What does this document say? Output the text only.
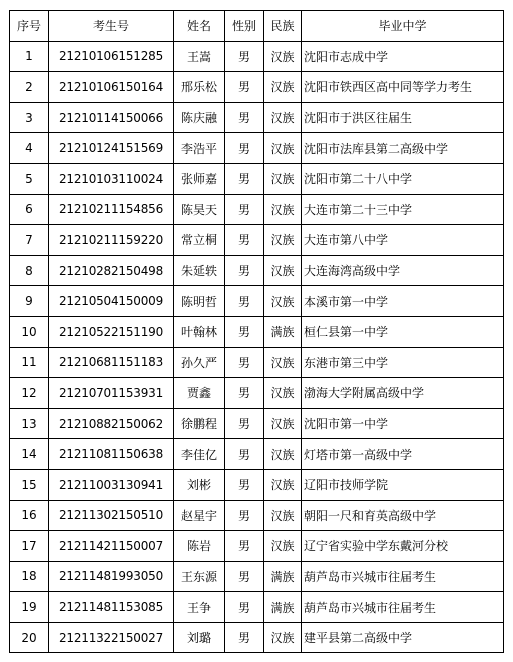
序号	考生号	姓名	性别	民族	毕业中学
1	21210106151285	王嵩	男	汉族	沈阳市志成中学
2	21210106150164	邢乐松	男	汉族	沈阳市铁西区高中同等学力考生
3	21210114150066	陈庆融	男	汉族	沈阳市于洪区往届生
4	21210124151569	李浩平	男	汉族	沈阳市法库县第二高级中学
5	21210103110024	张师嘉	男	汉族	沈阳市第二十八中学
6	21210211154856	陈昊天	男	汉族	大连市第二十三中学
7	21210211159220	常立桐	男	汉族	大连市第八中学
8	21210282150498	朱延轶	男	汉族	大连海湾高级中学
9	21210504150009	陈明哲	男	汉族	本溪市第一中学
10	21210522151190	叶翰林	男	满族	桓仁县第一中学
11	21210681151183	孙久严	男	汉族	东港市第三中学
12	21210701153931	贾鑫	男	汉族	渤海大学附属高级中学
13	21210882150062	徐鹏程	男	汉族	沈阳市第一中学
14	21211081150638	李佳亿	男	汉族	灯塔市第一高级中学
15	21211003130941	刘彬	男	汉族	辽阳市技师学院
16	21211302150510	赵星宇	男	汉族	朝阳一尺和育英高级中学
17	21211421150007	陈岩	男	汉族	辽宁省实验中学东戴河分校
18	21211481993050	王东源	男	满族	葫芦岛市兴城市往届考生
19	21211481153085	王争	男	满族	葫芦岛市兴城市往届考生
20	21211322150027	刘璐	男	汉族	建平县第二高级中学
